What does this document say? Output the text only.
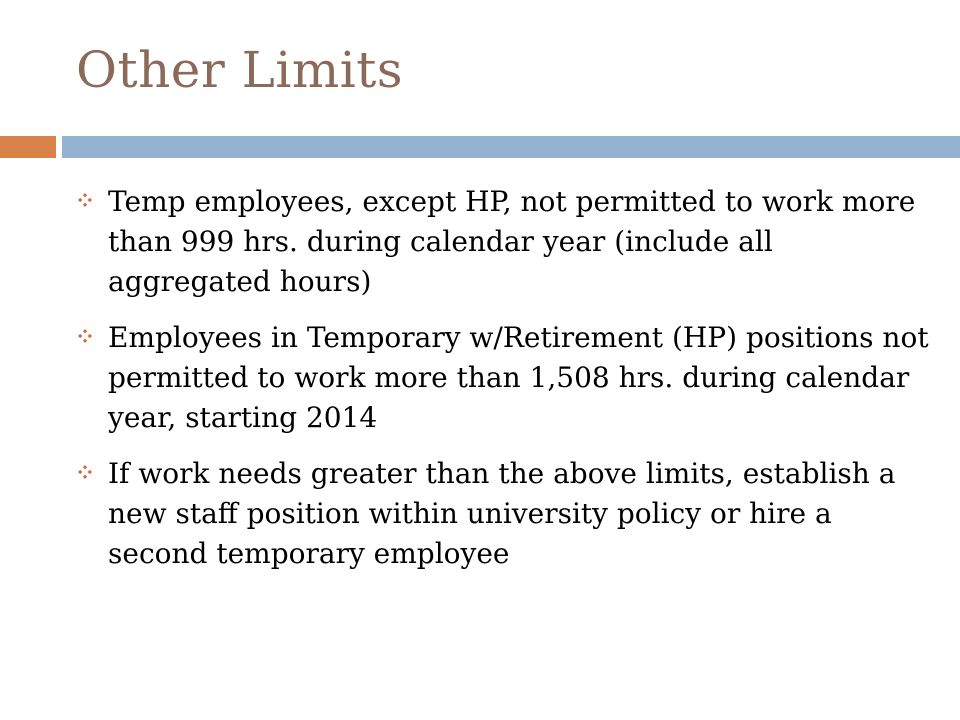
Other Limits
Temp employees, except HP, not permitted to work more than 999 hrs. during calendar year (include all aggregated hours)
Employees in Temporary w/Retirement (HP) positions not permitted to work more than 1,508 hrs. during calendar year, starting 2014
If work needs greater than the above limits, establish a new staff position within university policy or hire a second temporary employee
